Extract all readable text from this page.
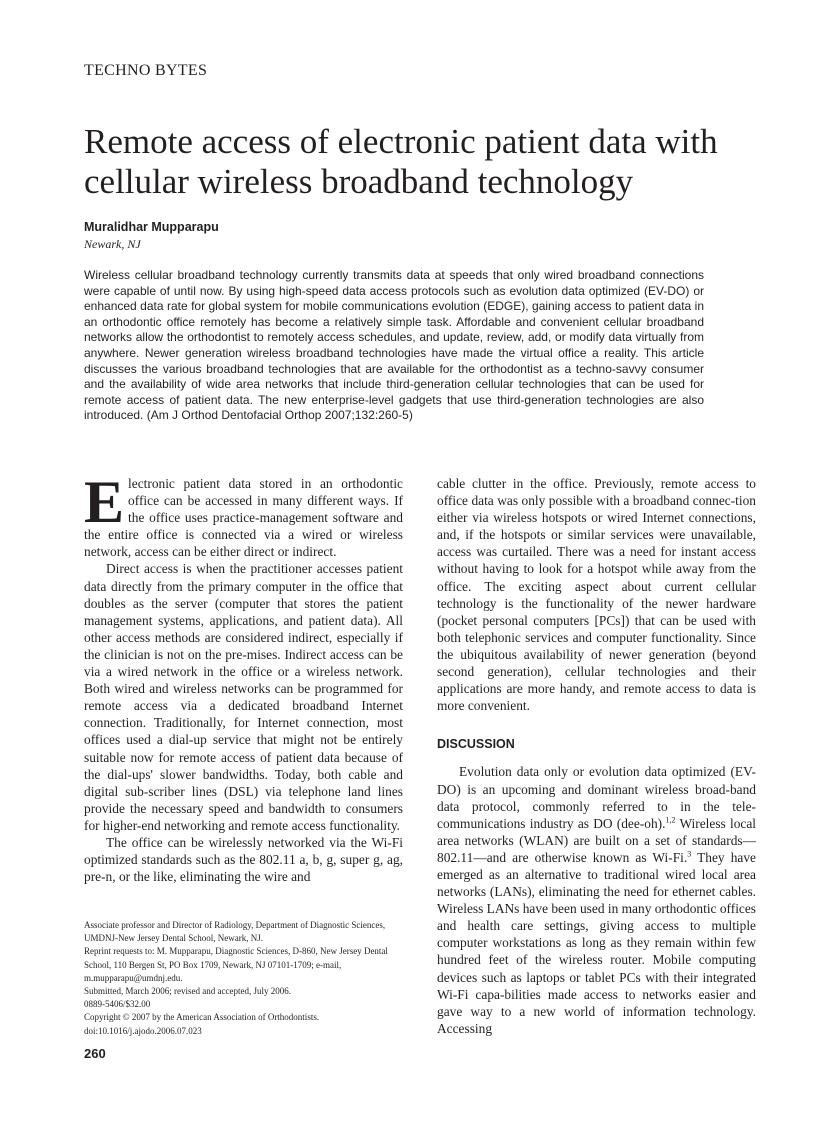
TECHNO BYTES
Remote access of electronic patient data with cellular wireless broadband technology
Muralidhar Mupparapu
Newark, NJ
Wireless cellular broadband technology currently transmits data at speeds that only wired broadband connections were capable of until now. By using high-speed data access protocols such as evolution data optimized (EV-DO) or enhanced data rate for global system for mobile communications evolution (EDGE), gaining access to patient data in an orthodontic office remotely has become a relatively simple task. Affordable and convenient cellular broadband networks allow the orthodontist to remotely access schedules, and update, review, add, or modify data virtually from anywhere. Newer generation wireless broadband technologies have made the virtual office a reality. This article discusses the various broadband technologies that are available for the orthodontist as a techno-savvy consumer and the availability of wide area networks that include third-generation cellular technologies that can be used for remote access of patient data. The new enterprise-level gadgets that use third-generation technologies are also introduced. (Am J Orthod Dentofacial Orthop 2007;132:260-5)

Electronic patient data stored in an orthodontic office can be accessed in many different ways. If the office uses practice-management software and the entire office is connected via a wired or wireless network, access can be either direct or indirect.

Direct access is when the practitioner accesses patient data directly from the primary computer in the office that doubles as the server (computer that stores the patient management systems, applications, and patient data). All other access methods are considered indirect, especially if the clinician is not on the pre-mises. Indirect access can be via a wired network in the office or a wireless network. Both wired and wireless networks can be programmed for remote access via a dedicated broadband Internet connection. Traditionally, for Internet connection, most offices used a dial-up service that might not be entirely suitable now for remote access of patient data because of the dial-ups' slower bandwidths. Today, both cable and digital sub-scriber lines (DSL) via telephone land lines provide the necessary speed and bandwidth to consumers for higher-end networking and remote access functionality.

The office can be wirelessly networked via the Wi-Fi optimized standards such as the 802.11 a, b, g, super g, ag, pre-n, or the like, eliminating the wire and

cable clutter in the office. Previously, remote access to office data was only possible with a broadband connec-tion either via wireless hotspots or wired Internet connections, and, if the hotspots or similar services were unavailable, access was curtailed. There was a need for instant access without having to look for a hotspot while away from the office. The exciting aspect about current cellular technology is the functionality of the newer hardware (pocket personal computers [PCs]) that can be used with both telephonic services and computer functionality. Since the ubiquitous availability of newer generation (beyond second generation), cellular technologies and their applications are more handy, and remote access to data is more convenient.

DISCUSSION

Evolution data only or evolution data optimized (EV-DO) is an upcoming and dominant wireless broad-band data protocol, commonly referred to in the tele-communications industry as DO (dee-oh).$^{1,2}$ Wireless local area networks (WLAN) are built on a set of standards—802.11—and are otherwise known as Wi-Fi.$^3$ They have emerged as an alternative to traditional wired local area networks (LANs), eliminating the need for ethernet cables. Wireless LANs have been used in many orthodontic offices and health care settings, giving access to multiple computer workstations as long as they remain within few hundred feet of the wireless router. Mobile computing devices such as laptops or tablet PCs with their integrated Wi-Fi capa-bilities made access to networks easier and gave way to a new world of information technology. Accessing

Associate professor and Director of Radiology, Department of Diagnostic Sciences, UMDNJ-New Jersey Dental School, Newark, NJ.

Reprint requests to: M. Mupparapu, Diagnostic Sciences, D-860, New Jersey Dental School, 110 Bergen St, PO Box 1709, Newark, NJ 07101-1709; e-mail, m.mupparapu@umdnj.edu.

Submitted, March 2006; revised and accepted, July 2006.

0889-5406/$32.00

Copyright © 2007 by the American Association of Orthodontists.

doi:10.1016/j.ajodo.2006.07.023

260
